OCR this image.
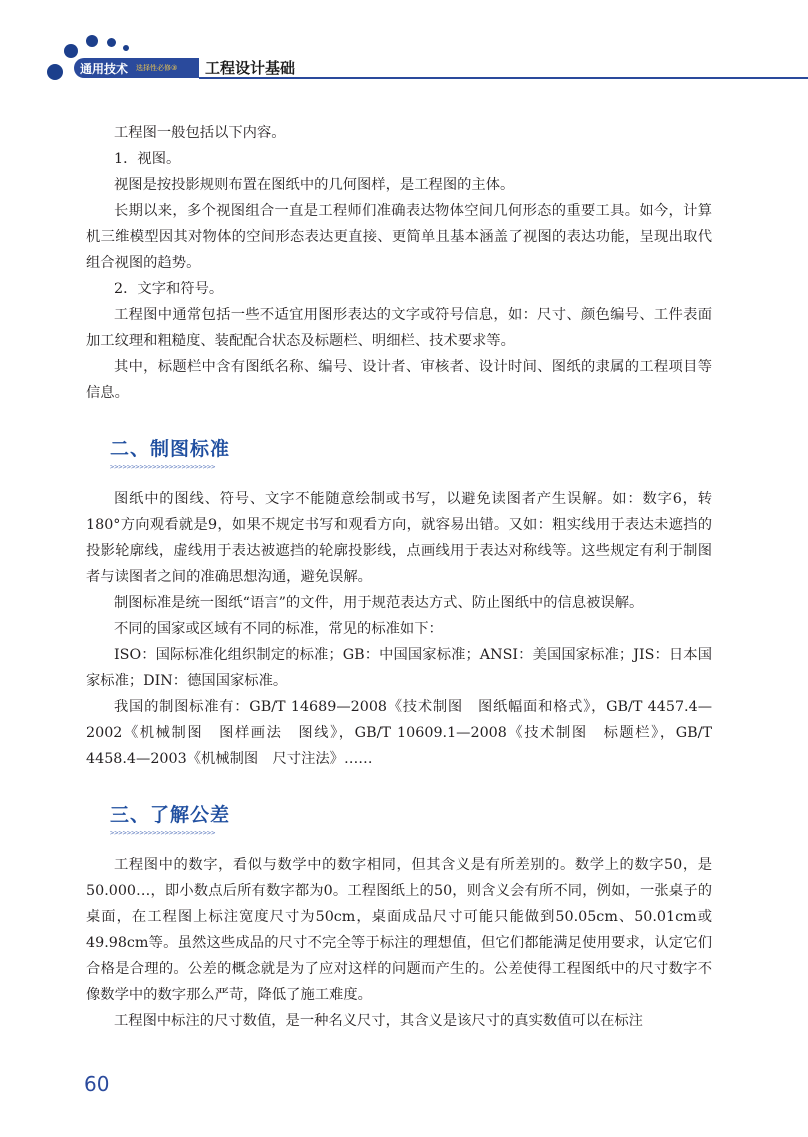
通用技术 选择性必修③ 工程设计基础

工程图一般包括以下内容。

1．视图。

视图是按投影规则布置在图纸中的几何图样，是工程图的主体。

长期以来，多个视图组合一直是工程师们准确表达物体空间几何形态的重要工具。如今，计算机三维模型因其对物体的空间形态表达更直接、更简单且基本涵盖了视图的表达功能，呈现出取代组合视图的趋势。

2．文字和符号。

工程图中通常包括一些不适宜用图形表达的文字或符号信息，如：尺寸、颜色编号、工件表面加工纹理和粗糙度、装配配合状态及标题栏、明细栏、技术要求等。

其中，标题栏中含有图纸名称、编号、设计者、审核者、设计时间、图纸的隶属的工程项目等信息。

二、制图标准
>>>>>>>>>>>>>>>>>>>>>>>>>

图纸中的图线、符号、文字不能随意绘制或书写，以避免读图者产生误解。如：数字6，转180°方向观看就是9，如果不规定书写和观看方向，就容易出错。又如：粗实线用于表达未遮挡的投影轮廓线，虚线用于表达被遮挡的轮廓投影线，点画线用于表达对称线等。这些规定有利于制图者与读图者之间的准确思想沟通，避免误解。

制图标准是统一图纸“语言”的文件，用于规范表达方式、防止图纸中的信息被误解。

不同的国家或区域有不同的标准，常见的标准如下：

ISO：国际标准化组织制定的标准；GB：中国国家标准；ANSI：美国国家标准；JIS：日本国家标准；DIN：德国国家标准。

我国的制图标准有：GB/T 14689—2008《技术制图　图纸幅面和格式》，GB/T 4457.4—2002《机械制图　图样画法　图线》，GB/T 10609.1—2008《技术制图　标题栏》，GB/T 4458.4—2003《机械制图　尺寸注法》……

三、了解公差
>>>>>>>>>>>>>>>>>>>>>>>>>

工程图中的数字，看似与数学中的数字相同，但其含义是有所差别的。数学上的数字50，是50.000…，即小数点后所有数字都为0。工程图纸上的50，则含义会有所不同，例如，一张桌子的桌面，在工程图上标注宽度尺寸为50cm，桌面成品尺寸可能只能做到50.05cm、50.01cm或49.98cm等。虽然这些成品的尺寸不完全等于标注的理想值，但它们都能满足使用要求，认定它们合格是合理的。公差的概念就是为了应对这样的问题而产生的。公差使得工程图纸中的尺寸数字不像数学中的数字那么严苛，降低了施工难度。

工程图中标注的尺寸数值，是一种名义尺寸，其含义是该尺寸的真实数值可以在标注

60
